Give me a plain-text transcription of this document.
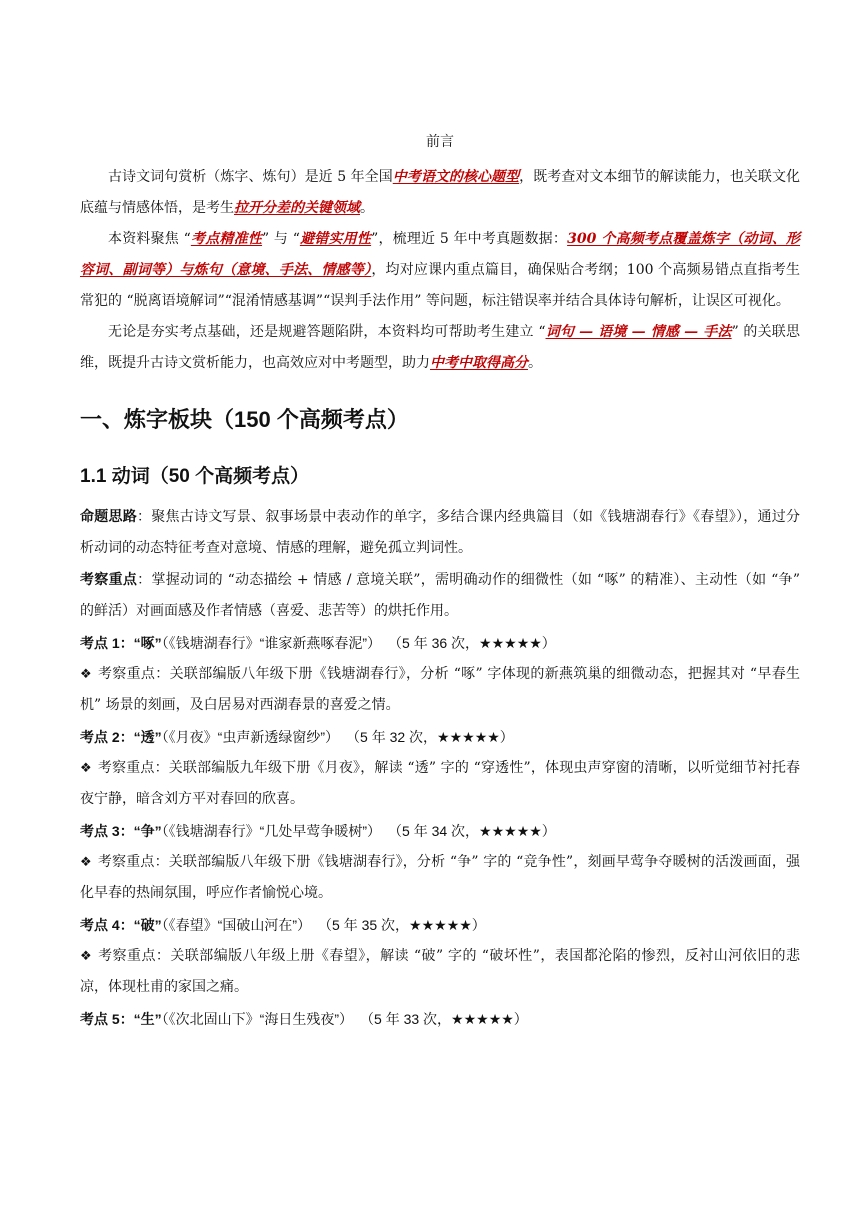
前言

古诗文词句赏析（炼字、炼句）是近 5 年全国中考语文的核心题型，既考查对文本细节的解读能力，也关联文化底蕴与情感体悟，是考生拉开分差的关键领域。

本资料聚焦 “考点精准性” 与 “避错实用性”，梳理近 5 年中考真题数据：300 个高频考点覆盖炼字（动词、形容词、副词等）与炼句（意境、手法、情感等），均对应课内重点篇目，确保贴合考纲；100 个高频易错点直指考生常犯的 “脱离语境解词”“混淆情感基调”“误判手法作用” 等问题，标注错误率并结合具体诗句解析，让误区可视化。

无论是夯实考点基础，还是规避答题陷阱，本资料均可帮助考生建立 “词句 — 语境 — 情感 — 手法” 的关联思维，既提升古诗文赏析能力，也高效应对中考题型，助力中考中取得高分。

一、炼字板块（150 个高频考点）
1.1 动词（50 个高频考点）

命题思路：聚焦古诗文写景、叙事场景中表动作的单字，多结合课内经典篇目（如《钱塘湖春行》《春望》），通过分析动词的动态特征考查对意境、情感的理解，避免孤立判词性。

考察重点：掌握动词的 “动态描绘 + 情感 / 意境关联”，需明确动作的细微性（如 “啄” 的精准）、主动性（如 “争” 的鲜活）对画面感及作者情感（喜爱、悲苦等）的烘托作用。

考点 1：“啄”（《钱塘湖春行》“谁家新燕啄春泥”） （5 年 36 次，★★★★★）

❖ 考察重点：关联部编版八年级下册《钱塘湖春行》，分析 “啄” 字体现的新燕筑巢的细微动态，把握其对 “早春生机” 场景的刻画，及白居易对西湖春景的喜爱之情。

考点 2：“透”（《月夜》“虫声新透绿窗纱”） （5 年 32 次，★★★★★）

❖ 考察重点：关联部编版九年级下册《月夜》，解读 “透” 字的 “穿透性”，体现虫声穿窗的清晰，以听觉细节衬托春夜宁静，暗含刘方平对春回的欣喜。

考点 3：“争”（《钱塘湖春行》“几处早莺争暖树”） （5 年 34 次，★★★★★）

❖ 考察重点：关联部编版八年级下册《钱塘湖春行》，分析 “争” 字的 “竞争性”，刻画早莺争夺暖树的活泼画面，强化早春的热闹氛围，呼应作者愉悦心境。

考点 4：“破”（《春望》“国破山河在”） （5 年 35 次，★★★★★）

❖ 考察重点：关联部编版八年级上册《春望》，解读 “破” 字的 “破坏性”，表国都沦陷的惨烈，反衬山河依旧的悲凉，体现杜甫的家国之痛。

考点 5：“生”（《次北固山下》“海日生残夜”） （5 年 33 次，★★★★★）
